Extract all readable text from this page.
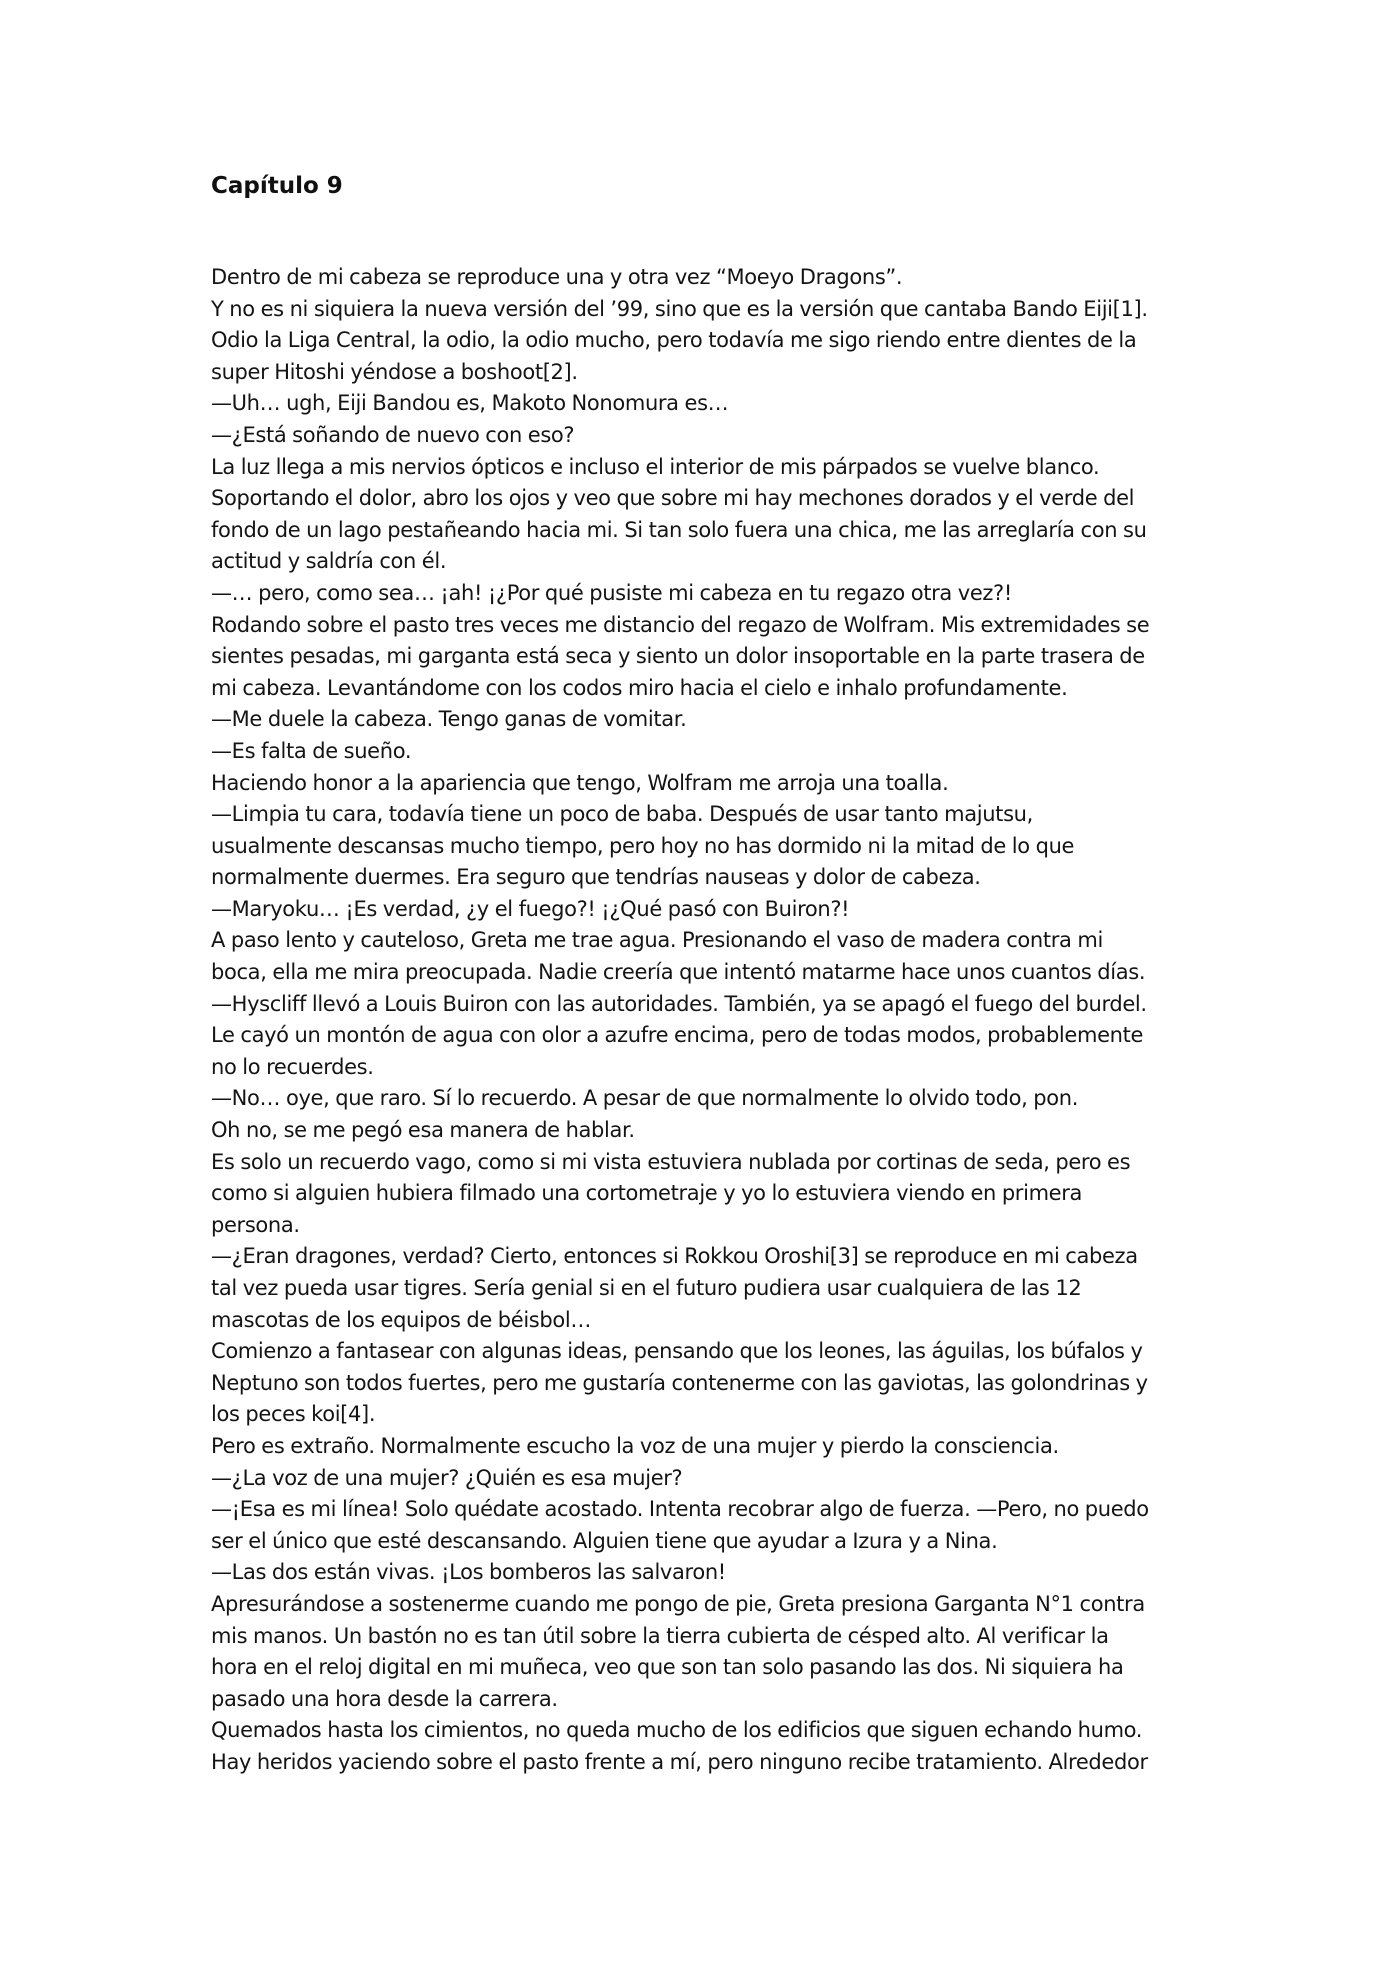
Capítulo 9

Dentro de mi cabeza se reproduce una y otra vez “Moeyo Dragons”.

Y no es ni siquiera la nueva versión del ’99, sino que es la versión que cantaba Bando Eiji[1].

Odio la Liga Central, la odio, la odio mucho, pero todavía me sigo riendo entre dientes de la

super Hitoshi yéndose a boshoot[2].

—Uh… ugh, Eiji Bandou es, Makoto Nonomura es…

—¿Está soñando de nuevo con eso?

La luz llega a mis nervios ópticos e incluso el interior de mis párpados se vuelve blanco.

Soportando el dolor, abro los ojos y veo que sobre mi hay mechones dorados y el verde del

fondo de un lago pestañeando hacia mi. Si tan solo fuera una chica, me las arreglaría con su

actitud y saldría con él.

—… pero, como sea… ¡ah! ¡¿Por qué pusiste mi cabeza en tu regazo otra vez?!

Rodando sobre el pasto tres veces me distancio del regazo de Wolfram. Mis extremidades se

sientes pesadas, mi garganta está seca y siento un dolor insoportable en la parte trasera de

mi cabeza. Levantándome con los codos miro hacia el cielo e inhalo profundamente.

—Me duele la cabeza. Tengo ganas de vomitar.

—Es falta de sueño.

Haciendo honor a la apariencia que tengo, Wolfram me arroja una toalla.

—Limpia tu cara, todavía tiene un poco de baba. Después de usar tanto majutsu,

usualmente descansas mucho tiempo, pero hoy no has dormido ni la mitad de lo que

normalmente duermes. Era seguro que tendrías nauseas y dolor de cabeza.

—Maryoku… ¡Es verdad, ¿y el fuego?! ¡¿Qué pasó con Buiron?!

A paso lento y cauteloso, Greta me trae agua. Presionando el vaso de madera contra mi

boca, ella me mira preocupada. Nadie creería que intentó matarme hace unos cuantos días.

—Hyscliff llevó a Louis Buiron con las autoridades. También, ya se apagó el fuego del burdel.

Le cayó un montón de agua con olor a azufre encima, pero de todas modos, probablemente

no lo recuerdes.

—No… oye, que raro. Sí lo recuerdo. A pesar de que normalmente lo olvido todo, pon.

Oh no, se me pegó esa manera de hablar.

Es solo un recuerdo vago, como si mi vista estuviera nublada por cortinas de seda, pero es

como si alguien hubiera filmado una cortometraje y yo lo estuviera viendo en primera

persona.

—¿Eran dragones, verdad? Cierto, entonces si Rokkou Oroshi[3] se reproduce en mi cabeza

tal vez pueda usar tigres. Sería genial si en el futuro pudiera usar cualquiera de las 12

mascotas de los equipos de béisbol…

Comienzo a fantasear con algunas ideas, pensando que los leones, las águilas, los búfalos y

Neptuno son todos fuertes, pero me gustaría contenerme con las gaviotas, las golondrinas y

los peces koi[4].

Pero es extraño. Normalmente escucho la voz de una mujer y pierdo la consciencia.

—¿La voz de una mujer? ¿Quién es esa mujer?

—¡Esa es mi línea! Solo quédate acostado. Intenta recobrar algo de fuerza. —Pero, no puedo

ser el único que esté descansando. Alguien tiene que ayudar a Izura y a Nina.

—Las dos están vivas. ¡Los bomberos las salvaron!

Apresurándose a sostenerme cuando me pongo de pie, Greta presiona Garganta N°1 contra

mis manos. Un bastón no es tan útil sobre la tierra cubierta de césped alto. Al verificar la

hora en el reloj digital en mi muñeca, veo que son tan solo pasando las dos. Ni siquiera ha

pasado una hora desde la carrera.

Quemados hasta los cimientos, no queda mucho de los edificios que siguen echando humo.

Hay heridos yaciendo sobre el pasto frente a mí, pero ninguno recibe tratamiento. Alrededor
